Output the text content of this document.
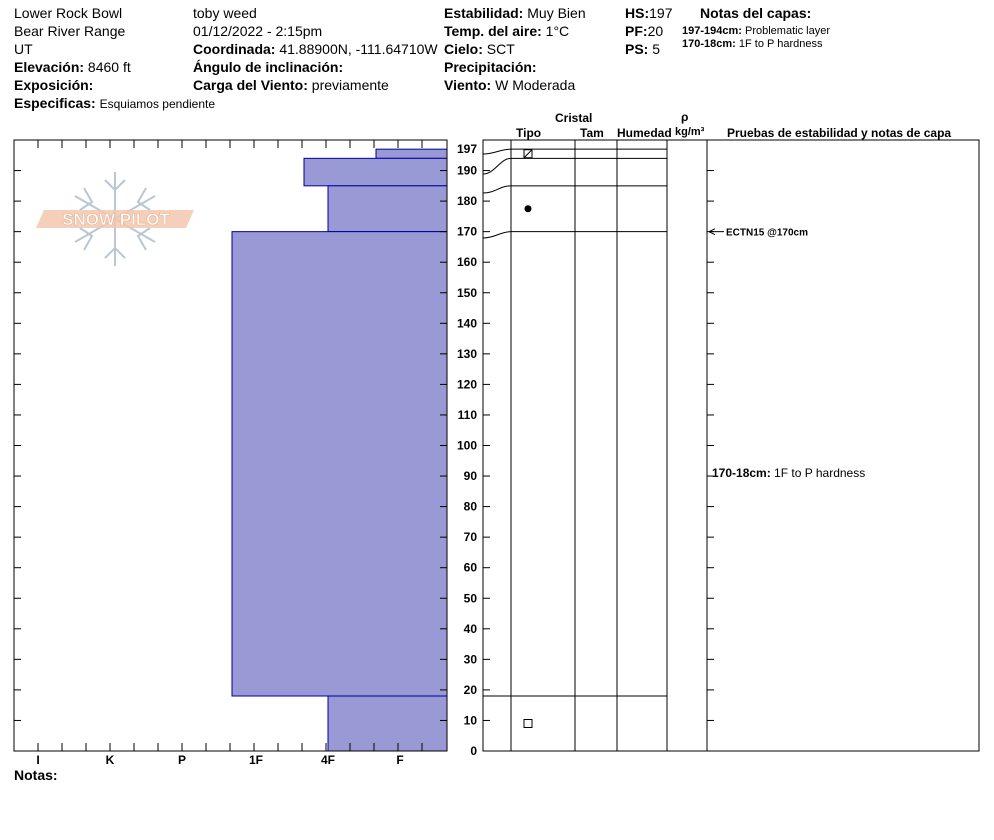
Lower Rock Bowl
Bear River Range
UT
Elevación: 8460 ft
Exposición:
Especificas: Esquiamos pendiente
toby weed
01/12/2022 - 2:15pm
Coordinada: 41.88900N, -111.64710W
Ángulo de inclinación:
Carga del Viento: previamente
Estabilidad: Muy Bien
Temp. del aire: 1°C
Cielo: SCT
Precipitación:
Viento: W Moderada
HS:197
PF:20
PS: 5
Notas del capas:
197-194cm: Problematic layer
170-18cm: 1F to P hardness
Cristal
Tipo	Tam Humedad
ρ
kg/m³ Pruebas de estabilidad y notas de capa
SNOW PILOT
I	K	P	1F	4F	F
0
10
20
30
40
50
60
70
80
90
100
110
120
130
140
150
160
170
180
190
197
ECTN15 @170cm
170-18cm: 1F to P hardness
Notas:
